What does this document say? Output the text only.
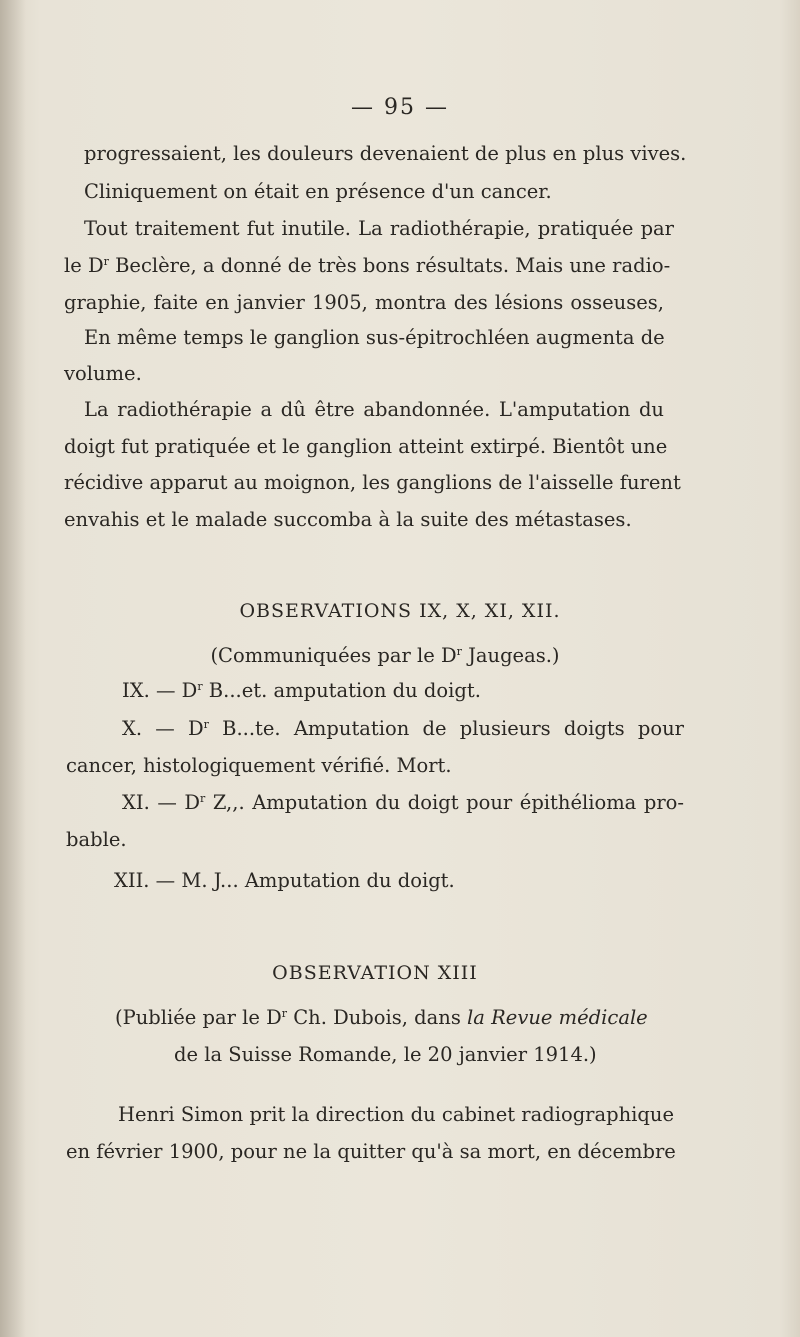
— 95 —
progressaient, les douleurs devenaient de plus en plus vives.
Cliniquement on était en présence d'un cancer.
Tout traitement fut inutile. La radiothérapie, pratiquée par
le $D^r$ Beclère, a donné de très bons résultats. Mais une radio-
graphie, faite en janvier 1905, montra des lésions osseuses,
En même temps le ganglion sus-épitrochléen augmenta de
volume.
La radiothérapie a dû être abandonnée. L'amputation du
doigt fut pratiquée et le ganglion atteint extirpé. Bientôt une
récidive apparut au moignon, les ganglions de l'aisselle furent
envahis et le malade succomba à la suite des métastases.
OBSERVATIONS IX, X, XI, XII.
(Communiquées par le $D^r$ Jaugeas.)
IX. — $D^r$ B...et. amputation du doigt.
X. — $D^r$ B...te. Amputation de plusieurs doigts pour
cancer, histologiquement vérifié. Mort.
XI. — $D^r$ Z,,. Amputation du doigt pour épithélioma pro-
bable.
XII. — M. J... Amputation du doigt.
OBSERVATION XIII
(Publiée par le $D^r$ Ch. Dubois, dans la Revue médicale
de la Suisse Romande, le 20 janvier 1914.)
Henri Simon prit la direction du cabinet radiographique
en février 1900, pour ne la quitter qu'à sa mort, en décembre
